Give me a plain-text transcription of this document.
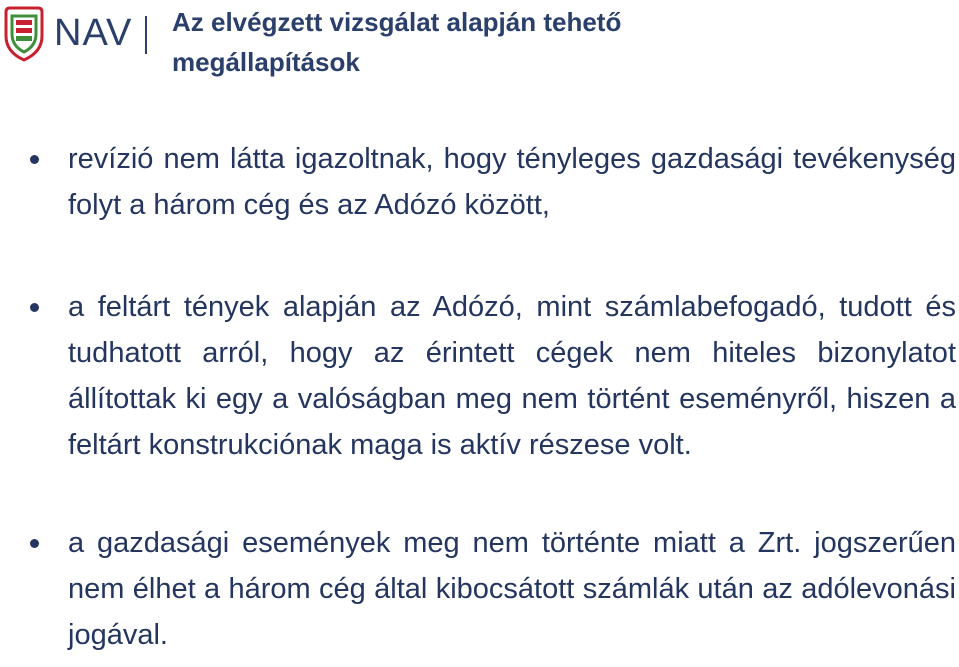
NAV Az elvégzett vizsgálat alapján tehető megállapítások
revízió nem látta igazoltnak, hogy tényleges gazdasági tevékenység folyt a három cég és az Adózó között,
a feltárt tények alapján az Adózó, mint számlabefogadó, tudott és tudhatott arról, hogy az érintett cégek nem hiteles bizonylatot állítottak ki egy a valóságban meg nem történt eseményről, hiszen a feltárt konstrukciónak maga is aktív részese volt.
a gazdasági események meg nem történte miatt a Zrt. jogszerűen nem élhet a három cég által kibocsátott számlák után az adólevonási jogával.
